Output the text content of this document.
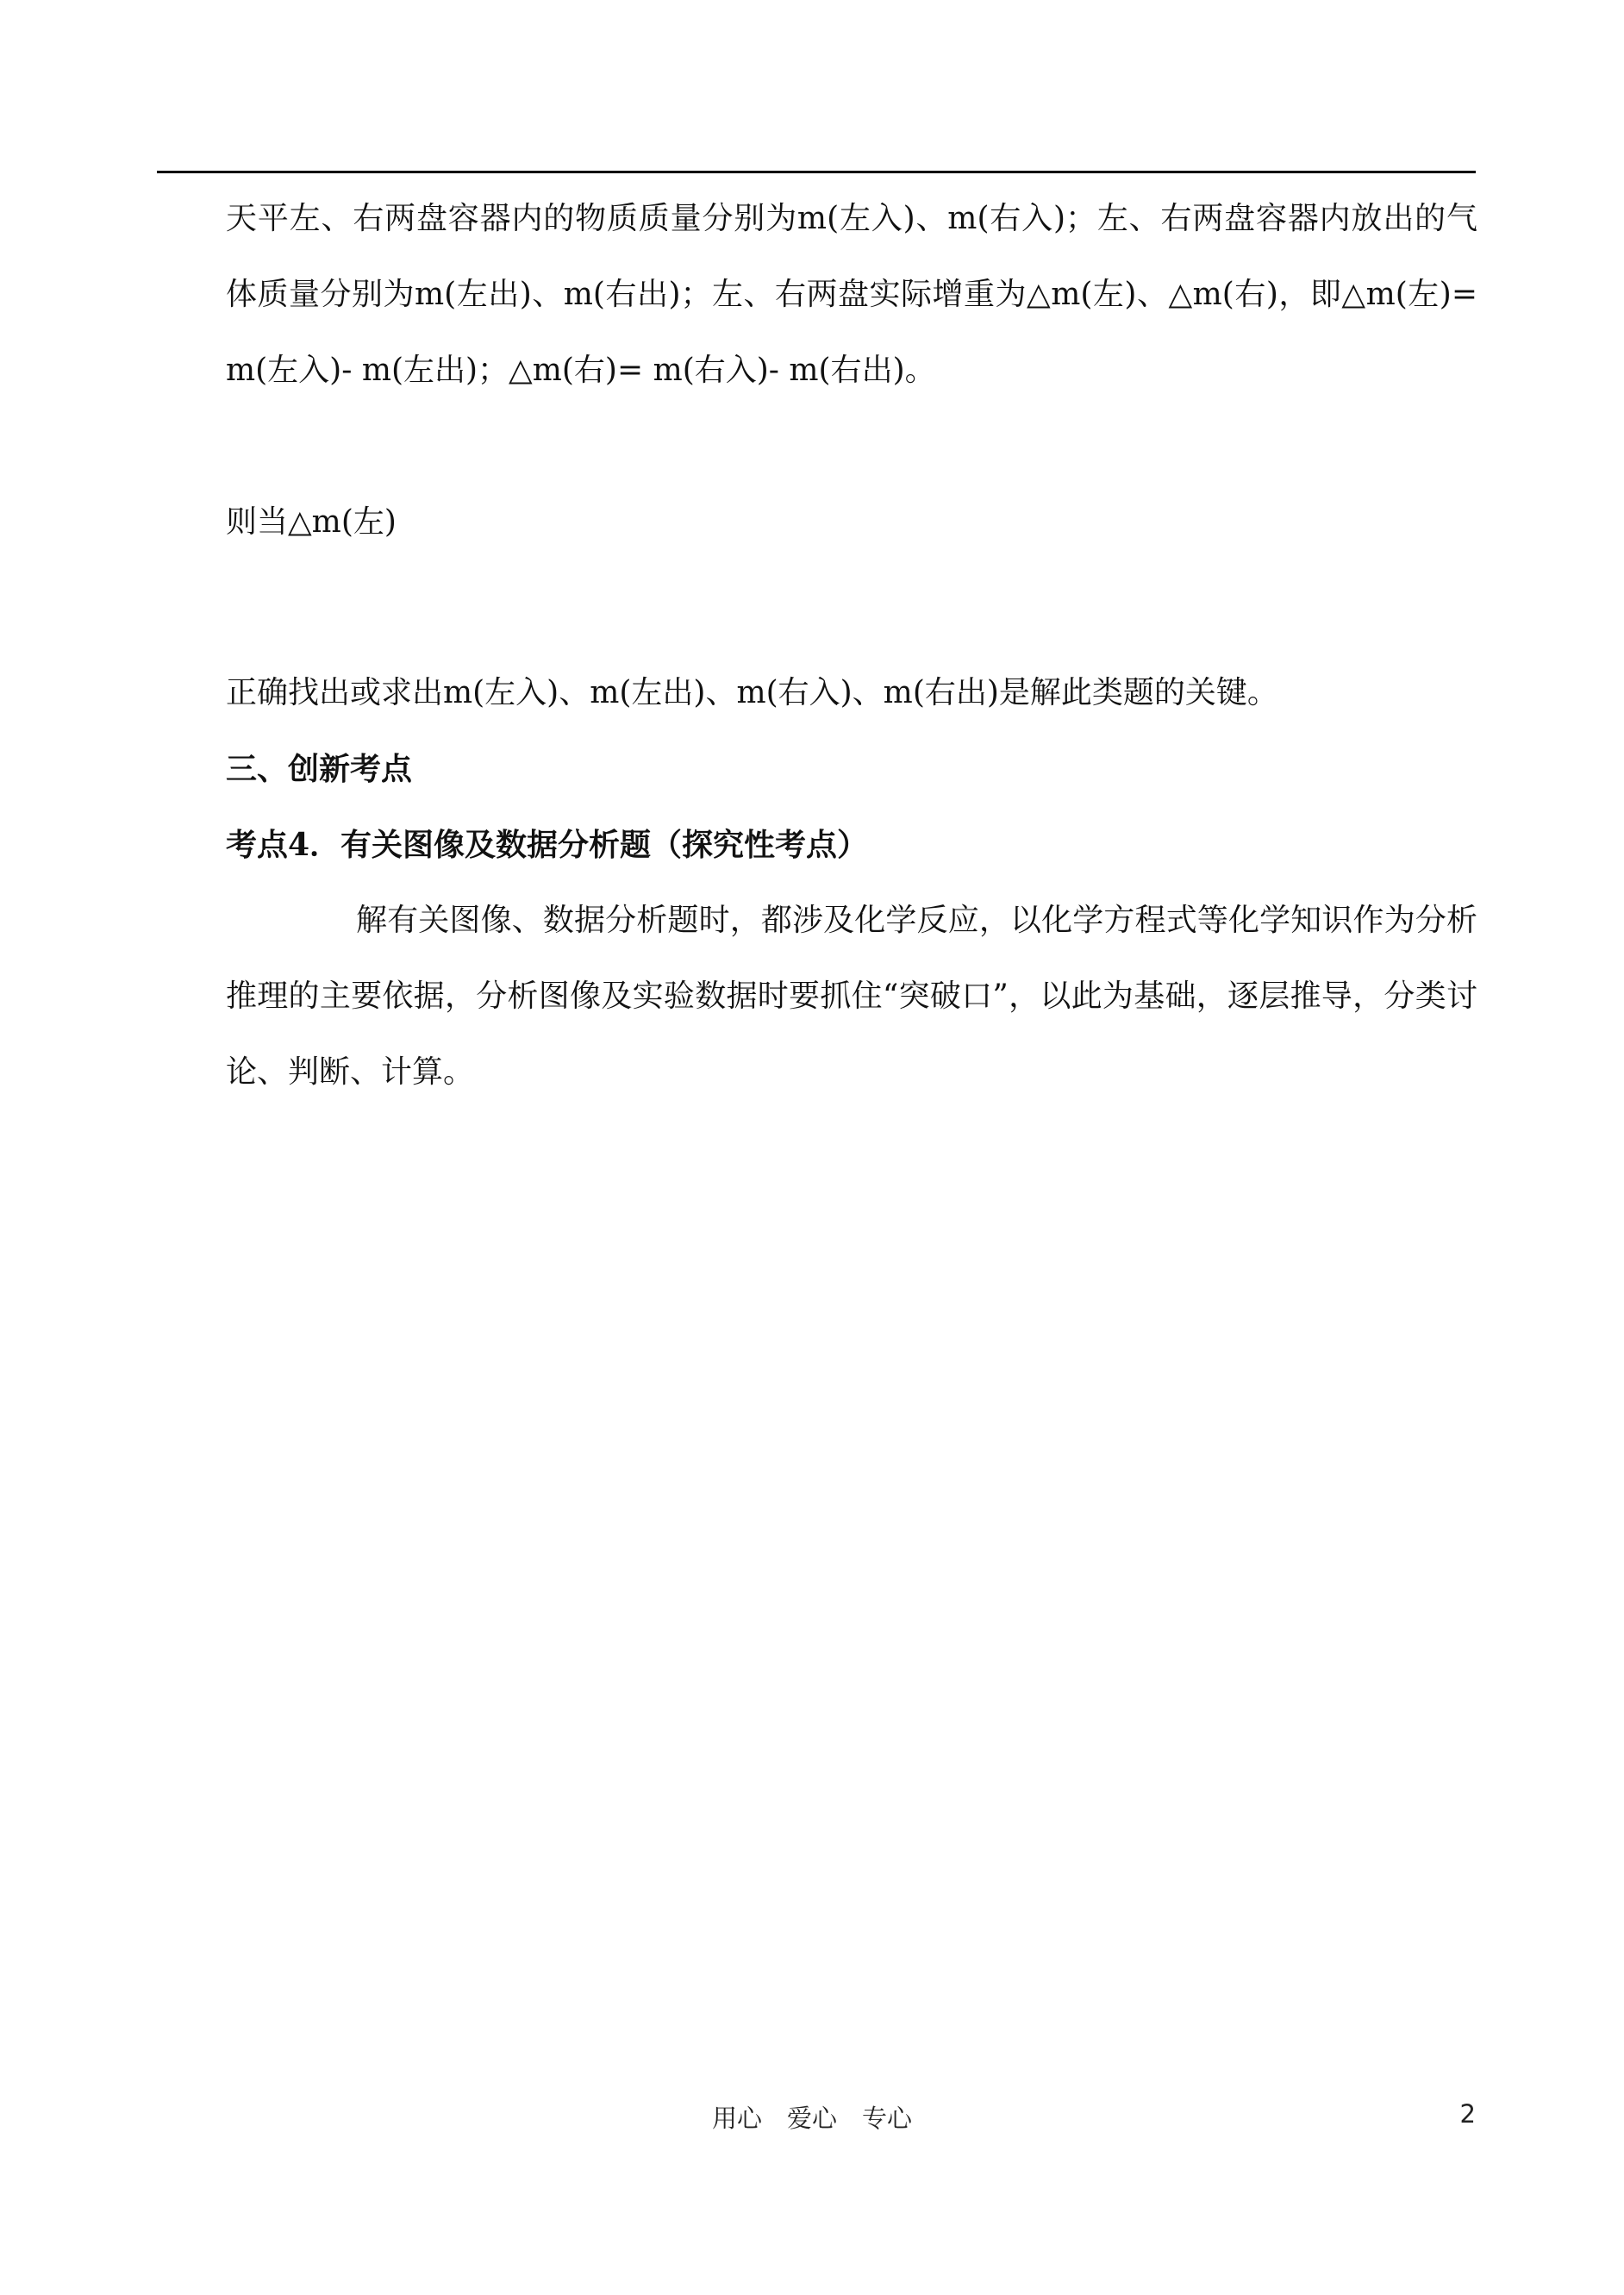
天平左、右两盘容器内的物质质量分别为m(左入)、m(右入)；左、右两盘容器内放出的气体质量分别为m(左出)、m(右出)；左、右两盘实际增重为△m(左)、△m(右)，即△m(左)= m(左入)- m(左出)；△m(右)= m(右入)- m(右出)。

则当△m(左)

正确找出或求出m(左入)、m(左出)、m(右入)、m(右出)是解此类题的关键。

三、创新考点

考点4．有关图像及数据分析题（探究性考点）

解有关图像、数据分析题时，都涉及化学反应，以化学方程式等化学知识作为分析推理的主要依据，分析图像及实验数据时要抓住“突破口”，以此为基础，逐层推导，分类讨论、判断、计算。

用心　爱心　专心	2
